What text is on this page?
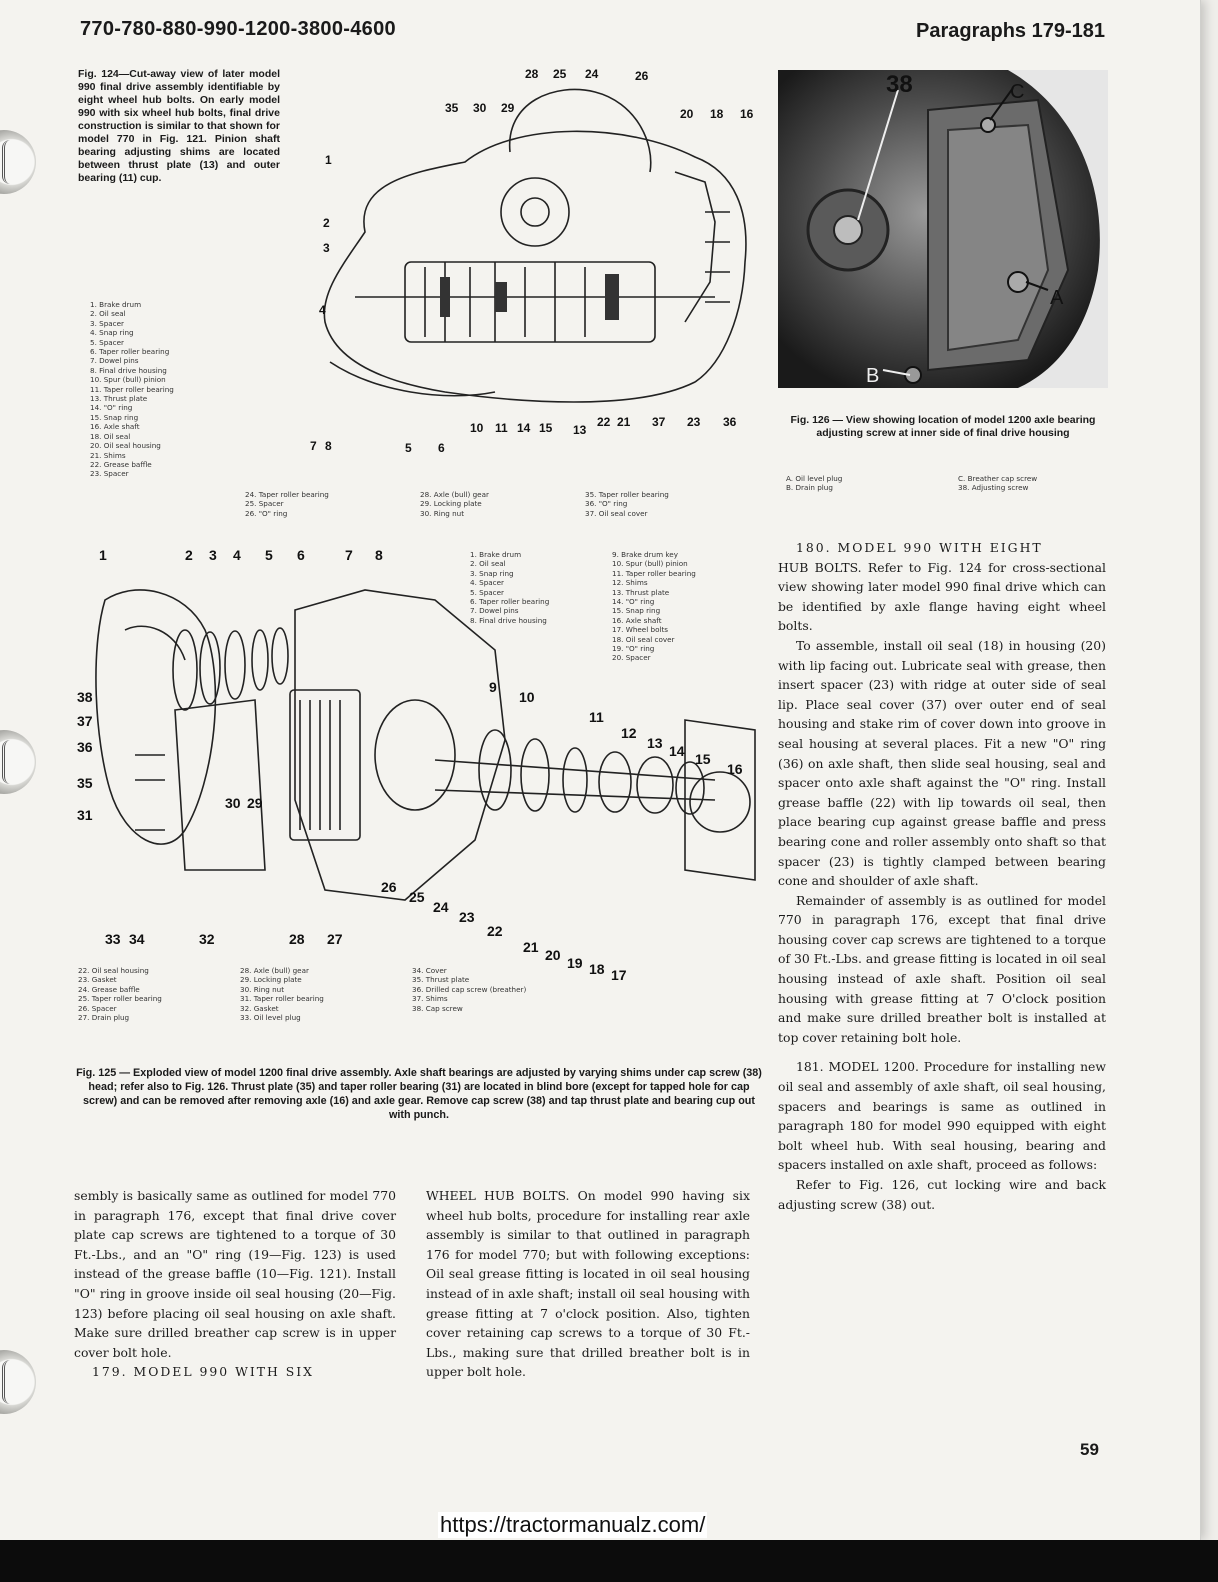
770-780-880-990-1200-3800-4600	Paragraphs 179-181
Fig. 124—Cut-away view of later model 990 final drive assembly identifiable by eight wheel hub bolts. On early model 990 with six wheel hub bolts, final drive construction is similar to that shown for model 770 in Fig. 121. Pinion shaft bearing adjusting shims are located between thrust plate (13) and outer bearing (11) cup.
28 25 24	26
35 30 29	20 18 16
1
2
3
4
7 8	5 6
10 11 14 15 13
22 21 37 23 36
1. Brake drum
2. Oil seal
3. Spacer
4. Snap ring
5. Spacer
6. Taper roller bearing
7. Dowel pins
8. Final drive housing
10. Spur (bull) pinion
11. Taper roller bearing
13. Thrust plate
14. "O" ring
15. Snap ring
16. Axle shaft
18. Oil seal
20. Oil seal housing
21. Shims
22. Grease baffle
23. Spacer
24. Taper roller bearing
25. Spacer
26. "O" ring
28. Axle (bull) gear
29. Locking plate
30. Ring nut
35. Taper roller bearing
36. "O" ring
37. Oil seal cover
38	C
A
B
Fig. 126 — View showing location of model 1200 axle bearing adjusting screw at inner side of final drive housing
A. Oil level plug
B. Drain plug
C. Breather cap screw
38. Adjusting screw
1	2 3 4 5 6	7 8
38
37
36
35
31
30 29
9
10
11
12
13 14 15
16
33 34	32	28 27
26
25
24
23
22
21 20 19 18 17
1. Brake drum
2. Oil seal
3. Snap ring
4. Spacer
5. Spacer
6. Taper roller bearing
7. Dowel pins
8. Final drive housing
9. Brake drum key
10. Spur (bull) pinion
11. Taper roller bearing
12. Shims
13. Thrust plate
14. "O" ring
15. Snap ring
16. Axle shaft
17. Wheel bolts
18. Oil seal cover
19. "O" ring
20. Spacer
22. Oil seal housing
23. Gasket
24. Grease baffle
25. Taper roller bearing
26. Spacer
27. Drain plug
28. Axle (bull) gear
29. Locking plate
30. Ring nut
31. Taper roller bearing
32. Gasket
33. Oil level plug
34. Cover
35. Thrust plate
36. Drilled cap screw (breather)
37. Shims
38. Cap screw
Fig. 125 — Exploded view of model 1200 final drive assembly. Axle shaft bearings are adjusted by varying shims under cap screw (38) head; refer also to Fig. 126. Thrust plate (35) and taper roller bearing (31) are located in blind bore (except for tapped hole for cap screw) and can be removed after removing axle (16) and axle gear. Remove cap screw (38) and tap thrust plate and bearing cup out with punch.

180. MODEL 990 WITH EIGHT

HUB BOLTS. Refer to Fig. 124 for cross-sectional view showing later model 990 final drive which can be identified by axle flange having eight wheel bolts.

To assemble, install oil seal (18) in housing (20) with lip facing out. Lubricate seal with grease, then insert spacer (23) with ridge at outer side of seal lip. Place seal cover (37) over outer end of seal housing and stake rim of cover down into groove in seal housing at several places. Fit a new "O" ring (36) on axle shaft, then slide seal housing, seal and spacer onto axle shaft against the "O" ring. Install grease baffle (22) with lip towards oil seal, then place bearing cup against grease baffle and press bearing cone and roller assembly onto shaft so that spacer (23) is tightly clamped between bearing cone and shoulder of axle shaft.

Remainder of assembly is as outlined for model 770 in paragraph 176, except that final drive housing cover cap screws are tightened to a torque of 30 Ft.-Lbs. and grease fitting is located in oil seal housing instead of axle shaft. Position oil seal housing with grease fitting at 7 O'clock position and make sure drilled breather bolt is installed at top cover retaining bolt hole.

181. MODEL 1200. Procedure for installing new oil seal and assembly of axle shaft, oil seal housing, spacers and bearings is same as outlined in paragraph 180 for model 990 equipped with eight bolt wheel hub. With seal housing, bearing and spacers installed on axle shaft, proceed as follows:

Refer to Fig. 126, cut locking wire and back adjusting screw (38) out.

sembly is basically same as outlined for model 770 in paragraph 176, except that final drive cover plate cap screws are tightened to a torque of 30 Ft.-Lbs., and an "O" ring (19—Fig. 123) is used instead of the grease baffle (10—Fig. 121). Install "O" ring in groove inside oil seal housing (20—Fig. 123) before placing oil seal housing on axle shaft. Make sure drilled breather cap screw is in upper cover bolt hole.

179. MODEL 990 WITH SIX

WHEEL HUB BOLTS. On model 990 having six wheel hub bolts, procedure for installing rear axle assembly is similar to that outlined in paragraph 176 for model 770; but with following exceptions: Oil seal grease fitting is located in oil seal housing instead of in axle shaft; install oil seal housing with grease fitting at 7 o'clock position. Also, tighten cover retaining cap screws to a torque of 30 Ft.-Lbs., making sure that drilled breather bolt is in upper bolt hole.

59
https://tractormanualz.com/
